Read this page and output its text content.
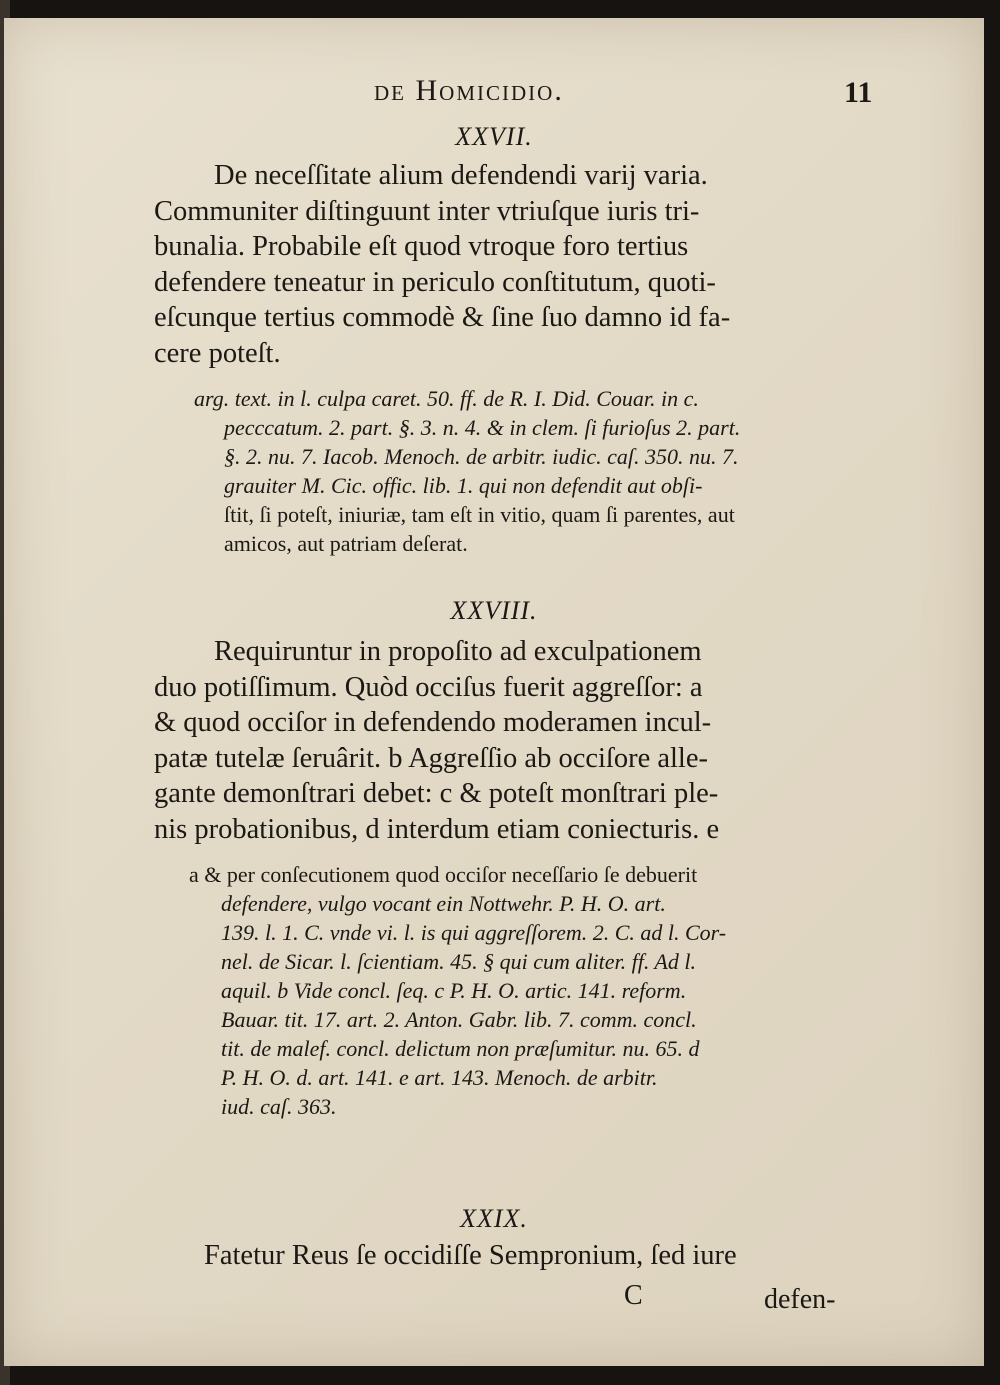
de Homicidio.	11
XXVII.
De neceſſitate alium defendendi varij varia.
Communiter diſtinguunt inter vtriuſque iuris tri-
bunalia. Probabile eſt quod vtroque foro tertius
defendere teneatur in periculo conſtitutum, quoti-
eſcunque tertius commodè & ſine ſuo damno id fa-
cere poteſt.
arg. text. in l. culpa caret. 50. ff. de R. I. Did. Couar. in c.
pecccatum. 2. part. §. 3. n. 4. & in clem. ſi furioſus 2. part.
§. 2. nu. 7. Iacob. Menoch. de arbitr. iudic. caſ. 350. nu. 7.
grauiter M. Cic. offic. lib. 1. qui non defendit aut obſi-
ſtit, ſi poteſt, iniuriæ, tam eſt in vitio, quam ſi parentes, aut
amicos, aut patriam deſerat.
XXVIII.
Requiruntur in propoſito ad exculpationem
duo potiſſimum. Quòd occiſus fuerit aggreſſor: a
& quod occiſor in defendendo moderamen incul-
patæ tutelæ ſeruârit. b Aggreſſio ab occiſore alle-
gante demonſtrari debet: c & poteſt monſtrari ple-
nis probationibus, d interdum etiam coniecturis. e
a & per conſecutionem quod occiſor neceſſario ſe debuerit
defendere, vulgo vocant ein Nottwehr. P. H. O. art.
139. l. 1. C. vnde vi. l. is qui aggreſſorem. 2. C. ad l. Cor-
nel. de Sicar. l. ſcientiam. 45. § qui cum aliter. ff. Ad l.
aquil. b Vide concl. ſeq. c P. H. O. artic. 141. reform.
Bauar. tit. 17. art. 2. Anton. Gabr. lib. 7. comm. concl.
tit. de malef. concl. delictum non præſumitur. nu. 65. d
P. H. O. d. art. 141. e art. 143. Menoch. de arbitr.
iud. caſ. 363.
XXIX.
Fatetur Reus ſe occidiſſe Sempronium, ſed iure
C	defen-
